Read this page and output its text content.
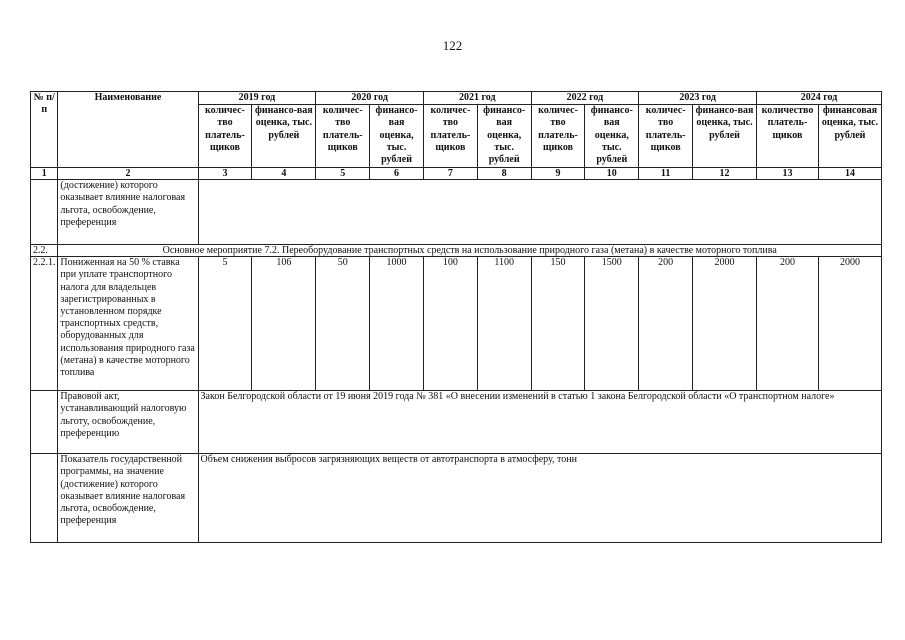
122
№ п/п	Наименование	2019 год		2020 год		2021 год		2022 год		2023 год		2024 год	
		количес-тво платель-щиков	финансо-вая оценка, тыс. рублей	количес-тво платель-щиков	финансо-вая оценка, тыс. рублей	количес-тво платель-щиков	финансо-вая оценка, тыс. рублей	количес-тво платель-щиков	финансо-вая оценка, тыс. рублей	количес-тво платель-щиков	финансо-вая оценка, тыс. рублей	количество платель-щиков	финансовая оценка, тыс. рублей
1	2	3	4	5	6	7	8	9	10	11	12	13	14
	(достижение) которого оказывает влияние налоговая льгота, освобождение, преференция												
2.2.	Основное мероприятие 7.2. Переоборудование транспортных средств на использование природного газа (метана) в качестве моторного топлива												
2.2.1.	Пониженная на 50 % ставка при уплате транспортного налога для владельцев зарегистрированных в установленном порядке транспортных средств, оборудованных для использования природного газа (метана) в качестве моторного топлива	5	106	50	1000	100	1100	150	1500	200	2000	200	2000
	Правовой акт, устанавливающий налоговую льготу, освобождение, преференцию	Закон Белгородской области от 19 июня 2019 года № 381 «О внесении изменений в статью 1 закона Белгородской области «О транспортном налоге»											
	Показатель государственной программы, на значение (достижение) которого оказывает влияние налоговая льгота, освобождение, преференция	Объем снижения выбросов загрязняющих веществ от автотранспорта в атмосферу, тонн											
